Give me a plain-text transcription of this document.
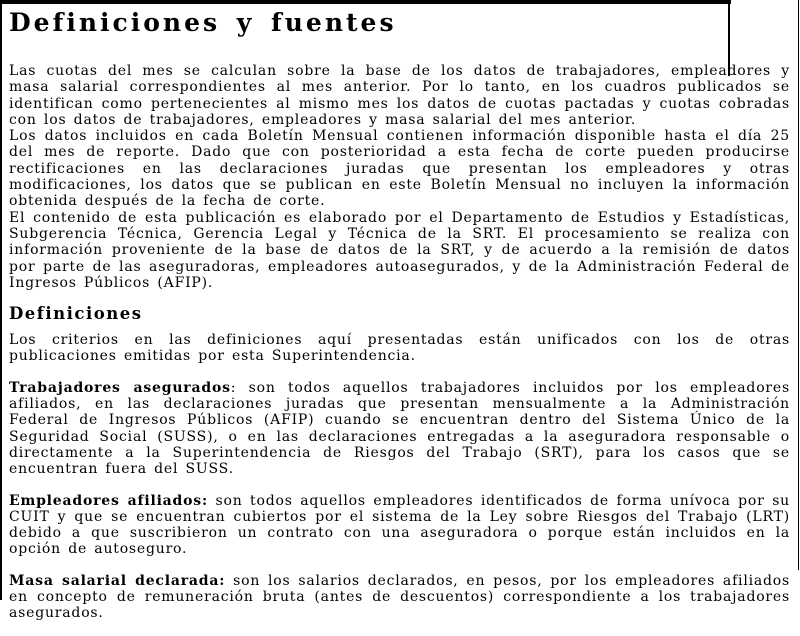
Definiciones y fuentes

Las cuotas del mes se calculan sobre la base de los datos de trabajadores, empleadores y masa salarial correspondientes al mes anterior. Por lo tanto, en los cuadros publicados se identifican como pertenecientes al mismo mes los datos de cuotas pactadas y cuotas cobradas con los datos de trabajadores, empleadores y masa salarial del mes anterior.

Los datos incluidos en cada Boletín Mensual contienen información disponible hasta el día 25 del mes de reporte. Dado que con posterioridad a esta fecha de corte pueden producirse rectificaciones en las declaraciones juradas que presentan los empleadores y otras modificaciones, los datos que se publican en este Boletín Mensual no incluyen la información obtenida después de la fecha de corte.

El contenido de esta publicación es elaborado por el Departamento de Estudios y Estadísticas, Subgerencia Técnica, Gerencia Legal y Técnica de la SRT. El procesamiento se realiza con información proveniente de la base de datos de la SRT, y de acuerdo a la remisión de datos por parte de las aseguradoras, empleadores autoasegurados, y de la Administración Federal de Ingresos Públicos (AFIP).

Definiciones

Los criterios en las definiciones aquí presentadas están unificados con los de otras publicaciones emitidas por esta Superintendencia.

Trabajadores asegurados: son todos aquellos trabajadores incluidos por los empleadores afiliados, en las declaraciones juradas que presentan mensualmente a la Administración Federal de Ingresos Públicos (AFIP) cuando se encuentran dentro del Sistema Único de la Seguridad Social (SUSS), o en las declaraciones entregadas a la aseguradora responsable o directamente a la Superintendencia de Riesgos del Trabajo (SRT), para los casos que se encuentran fuera del SUSS.

Empleadores afiliados: son todos aquellos empleadores identificados de forma unívoca por su CUIT y que se encuentran cubiertos por el sistema de la Ley sobre Riesgos del Trabajo (LRT) debido a que suscribieron un contrato con una aseguradora o porque están incluidos en la opción de autoseguro.

Masa salarial declarada: son los salarios declarados, en pesos, por los empleadores afiliados en concepto de remuneración bruta (antes de descuentos) correspondiente a los trabajadores asegurados.
